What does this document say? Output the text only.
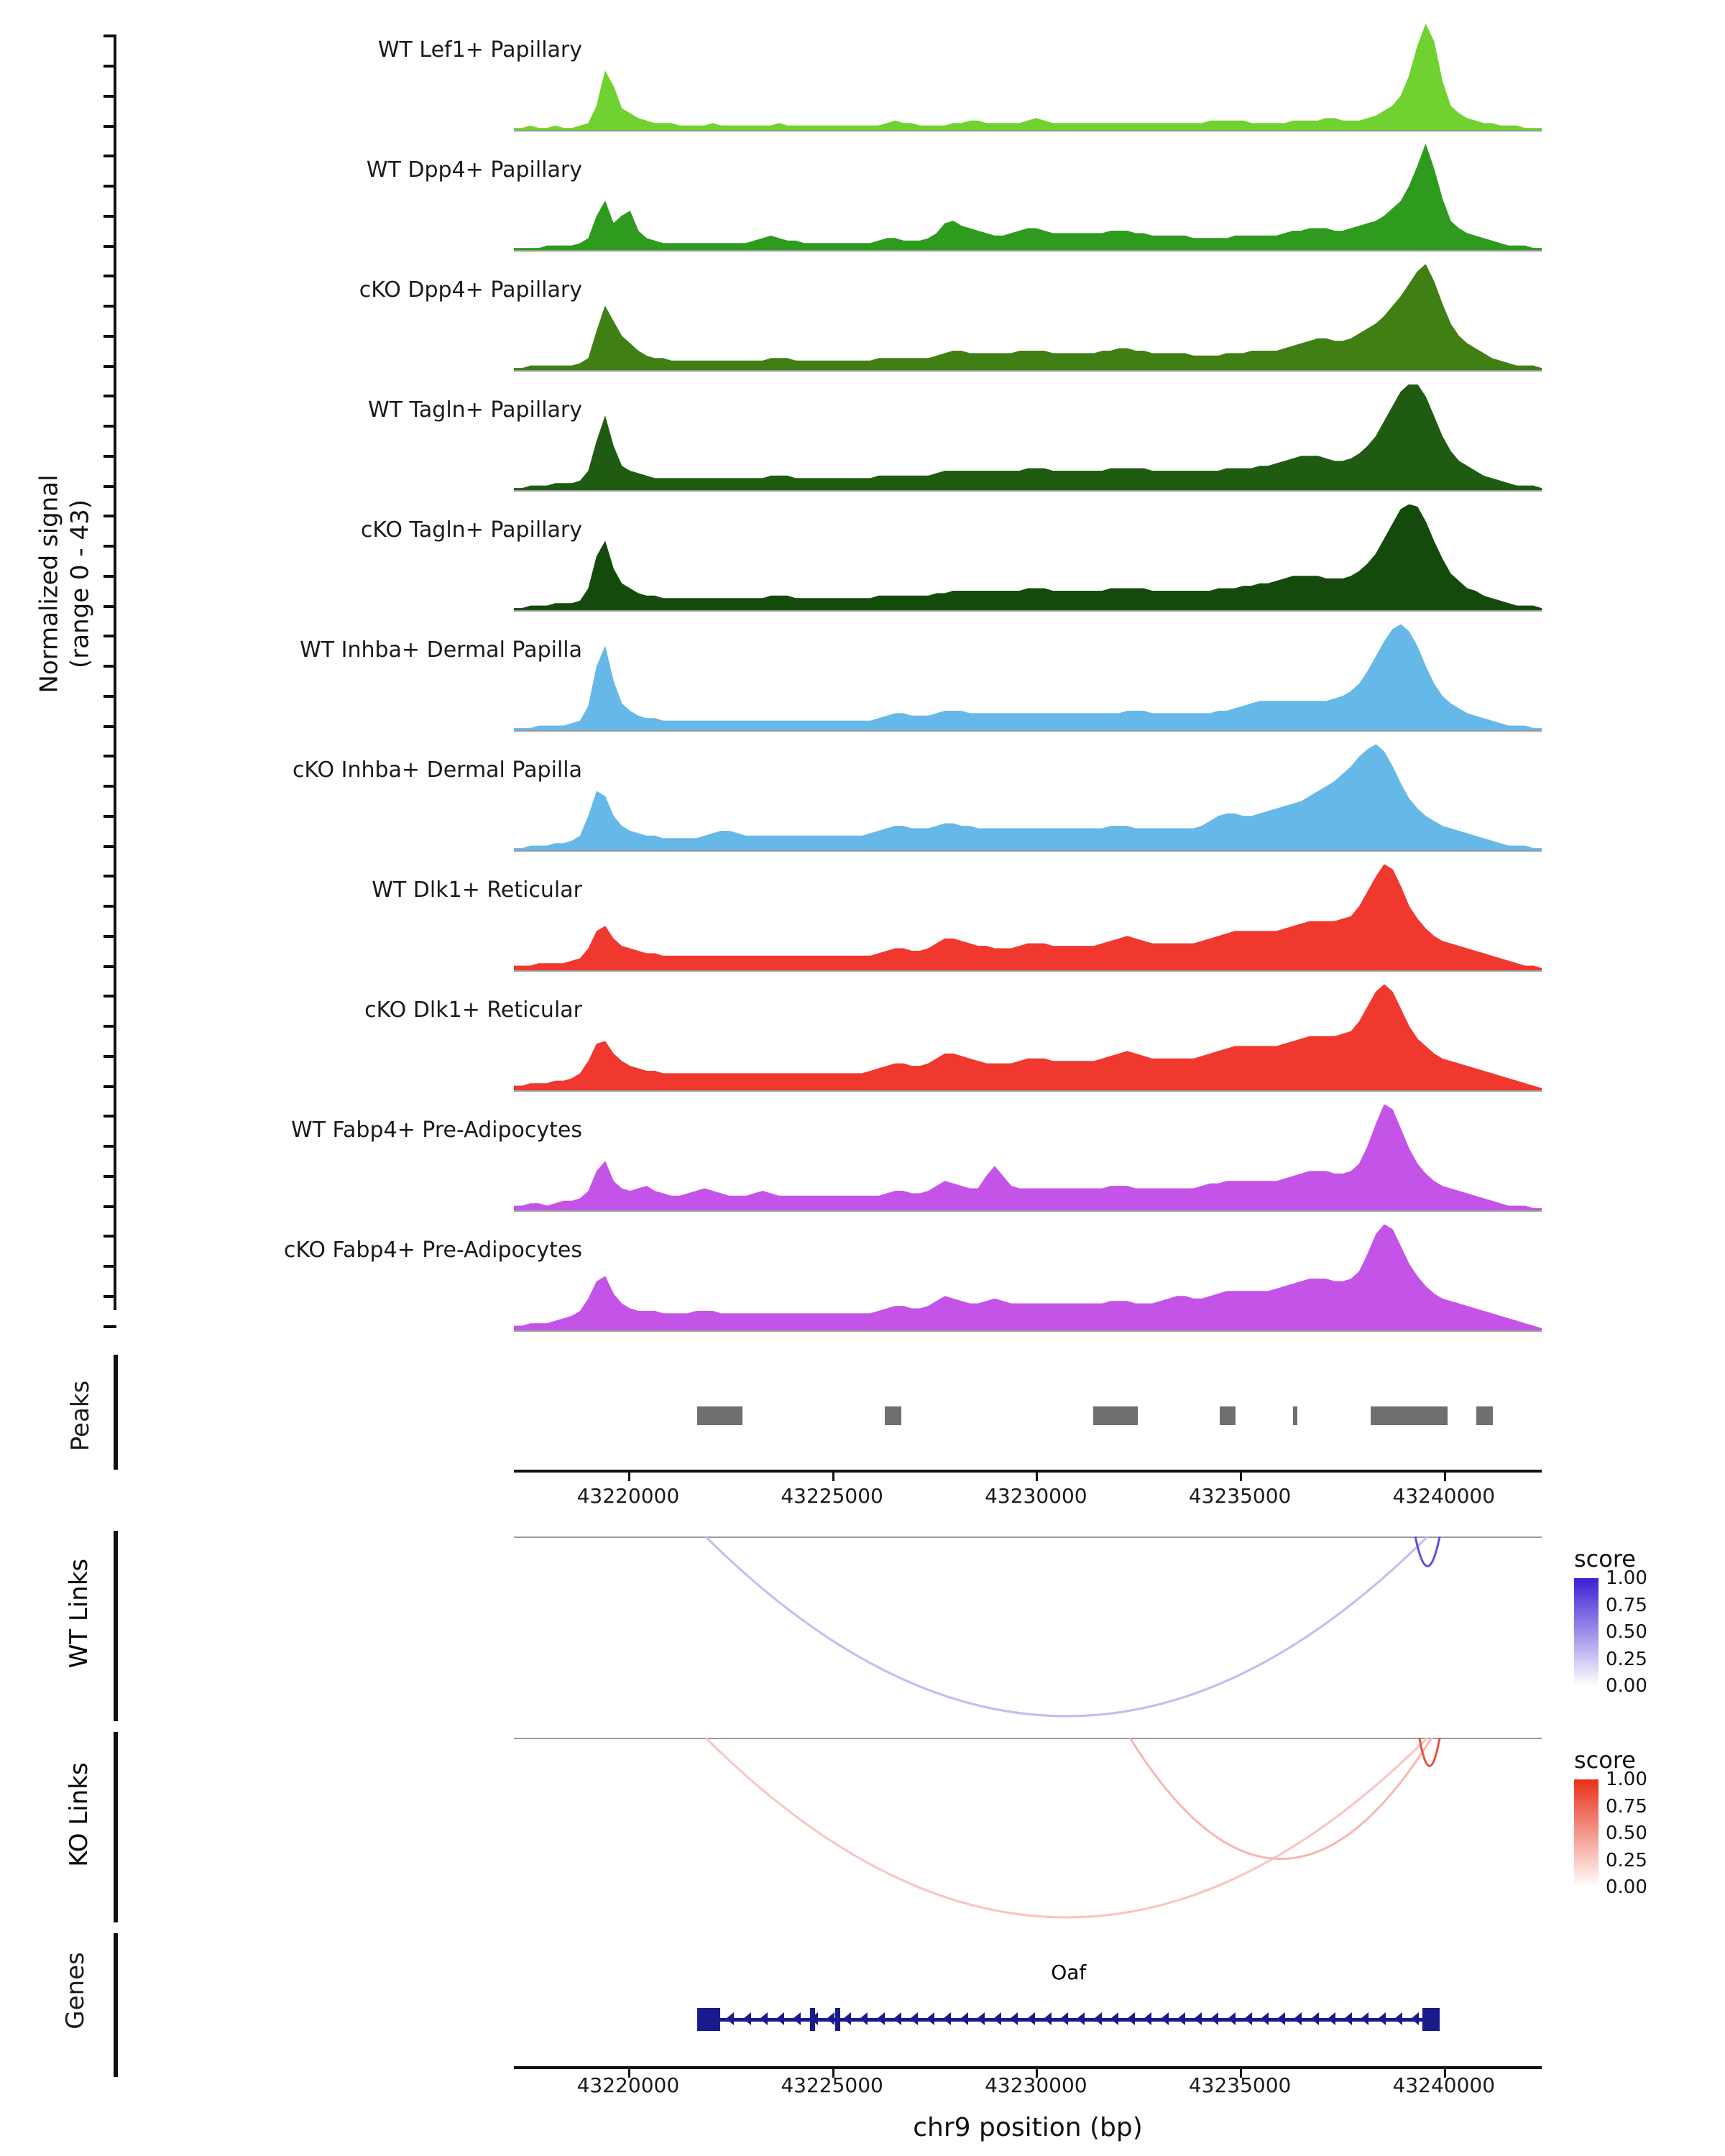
Normalized signal (range 0 - 43)
WT Lef1+ Papillary
WT Dpp4+ Papillary
cKO Dpp4+ Papillary
WT Tagln+ Papillary
cKO Tagln+ Papillary
WT Inhba+ Dermal Papilla
cKO Inhba+ Dermal Papilla
WT Dlk1+ Reticular
cKO Dlk1+ Reticular
WT Fabp4+ Pre-Adipocytes
cKO Fabp4+ Pre-Adipocytes
Peaks
43220000	43225000	43230000	43235000	43240000
WT Links	score
1.00
0.75
0.50
0.25
0.00
KO Links
score
1.00
0.75
0.50
0.25
0.00
Genes	Oaf
43220000	43225000	43230000	43235000	43240000
chr9 position (bp)
